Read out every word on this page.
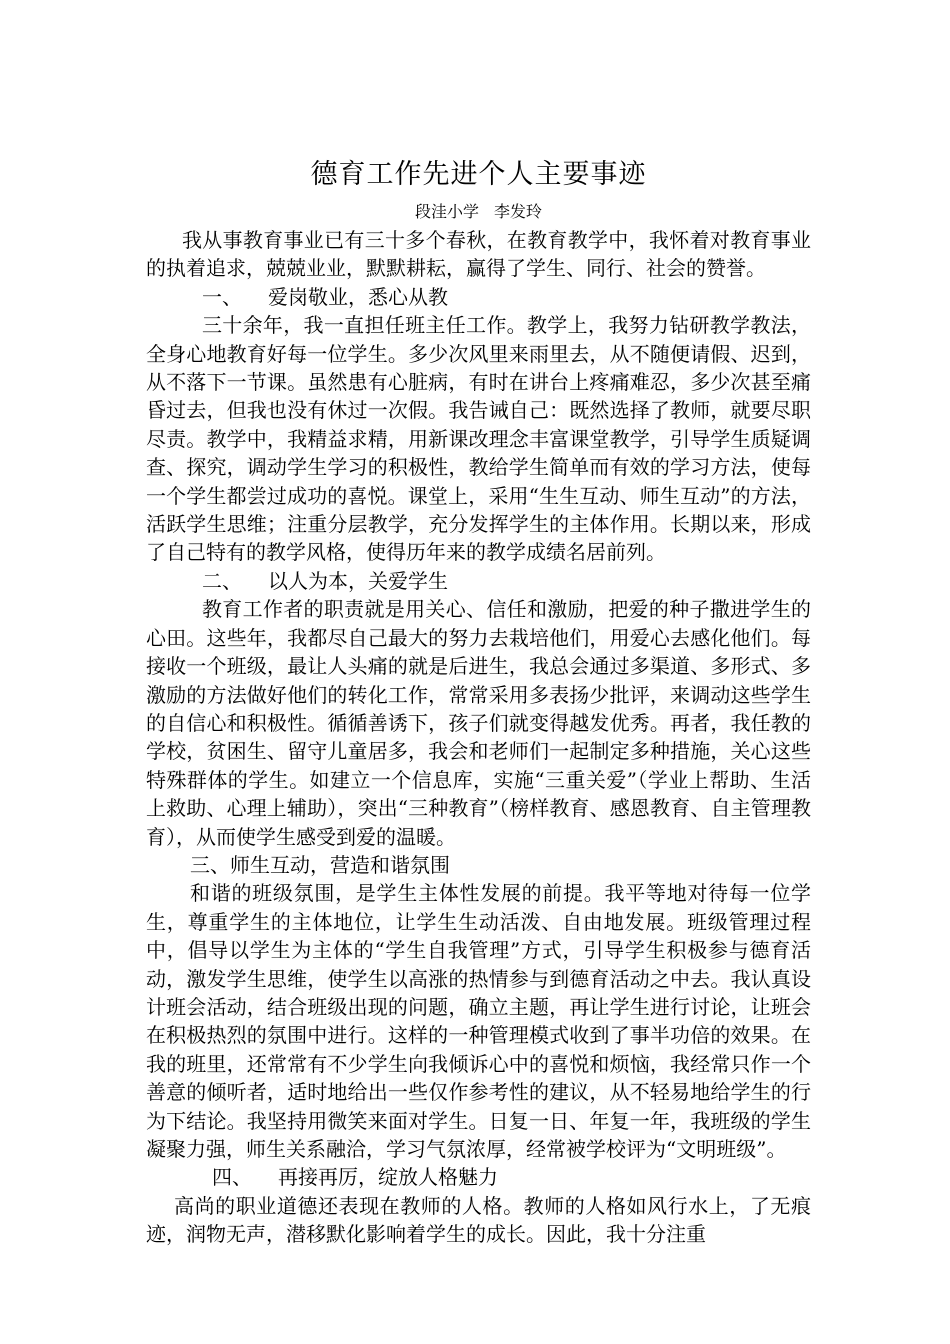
德育工作先进个人主要事迹
段洼小学 李发玲

我从事教育事业已有三十多个春秋，在教育教学中，我怀着对教育事业的执着追求，兢兢业业，默默耕耘，赢得了学生、同行、社会的赞誉。

一、 爱岗敬业，悉心从教

三十余年，我一直担任班主任工作。教学上，我努力钻研教学教法，全身心地教育好每一位学生。多少次风里来雨里去，从不随便请假、迟到，从不落下一节课。虽然患有心脏病，有时在讲台上疼痛难忍，多少次甚至痛昏过去，但我也没有休过一次假。我告诫自己：既然选择了教师，就要尽职尽责。教学中，我精益求精，用新课改理念丰富课堂教学，引导学生质疑调查、探究，调动学生学习的积极性，教给学生简单而有效的学习方法，使每一个学生都尝过成功的喜悦。课堂上，采用“生生互动、师生互动”的方法，活跃学生思维；注重分层教学，充分发挥学生的主体作用。长期以来，形成了自己特有的教学风格，使得历年来的教学成绩名居前列。

二、 以人为本，关爱学生

教育工作者的职责就是用关心、信任和激励，把爱的种子撒进学生的心田。这些年，我都尽自己最大的努力去栽培他们，用爱心去感化他们。每接收一个班级，最让人头痛的就是后进生，我总会通过多渠道、多形式、多激励的方法做好他们的转化工作，常常采用多表扬少批评，来调动这些学生的自信心和积极性。循循善诱下，孩子们就变得越发优秀。再者，我任教的学校，贫困生、留守儿童居多，我会和老师们一起制定多种措施，关心这些特殊群体的学生。如建立一个信息库，实施“三重关爱”（学业上帮助、生活上救助、心理上辅助），突出“三种教育”（榜样教育、感恩教育、自主管理教育），从而使学生感受到爱的温暖。

三、师生互动，营造和谐氛围

和谐的班级氛围，是学生主体性发展的前提。我平等地对待每一位学生，尊重学生的主体地位，让学生生动活泼、自由地发展。班级管理过程中，倡导以学生为主体的“学生自我管理”方式，引导学生积极参与德育活动，激发学生思维，使学生以高涨的热情参与到德育活动之中去。我认真设计班会活动，结合班级出现的问题，确立主题，再让学生进行讨论，让班会在积极热烈的氛围中进行。这样的一种管理模式收到了事半功倍的效果。在我的班里，还常常有不少学生向我倾诉心中的喜悦和烦恼，我经常只作一个善意的倾听者，适时地给出一些仅作参考性的建议，从不轻易地给学生的行为下结论。我坚持用微笑来面对学生。日复一日、年复一年，我班级的学生凝聚力强，师生关系融洽，学习气氛浓厚，经常被学校评为“文明班级”。

四、 再接再厉，绽放人格魅力

高尚的职业道德还表现在教师的人格。教师的人格如风行水上，了无痕迹，润物无声，潜移默化影响着学生的成长。因此，我十分注重
